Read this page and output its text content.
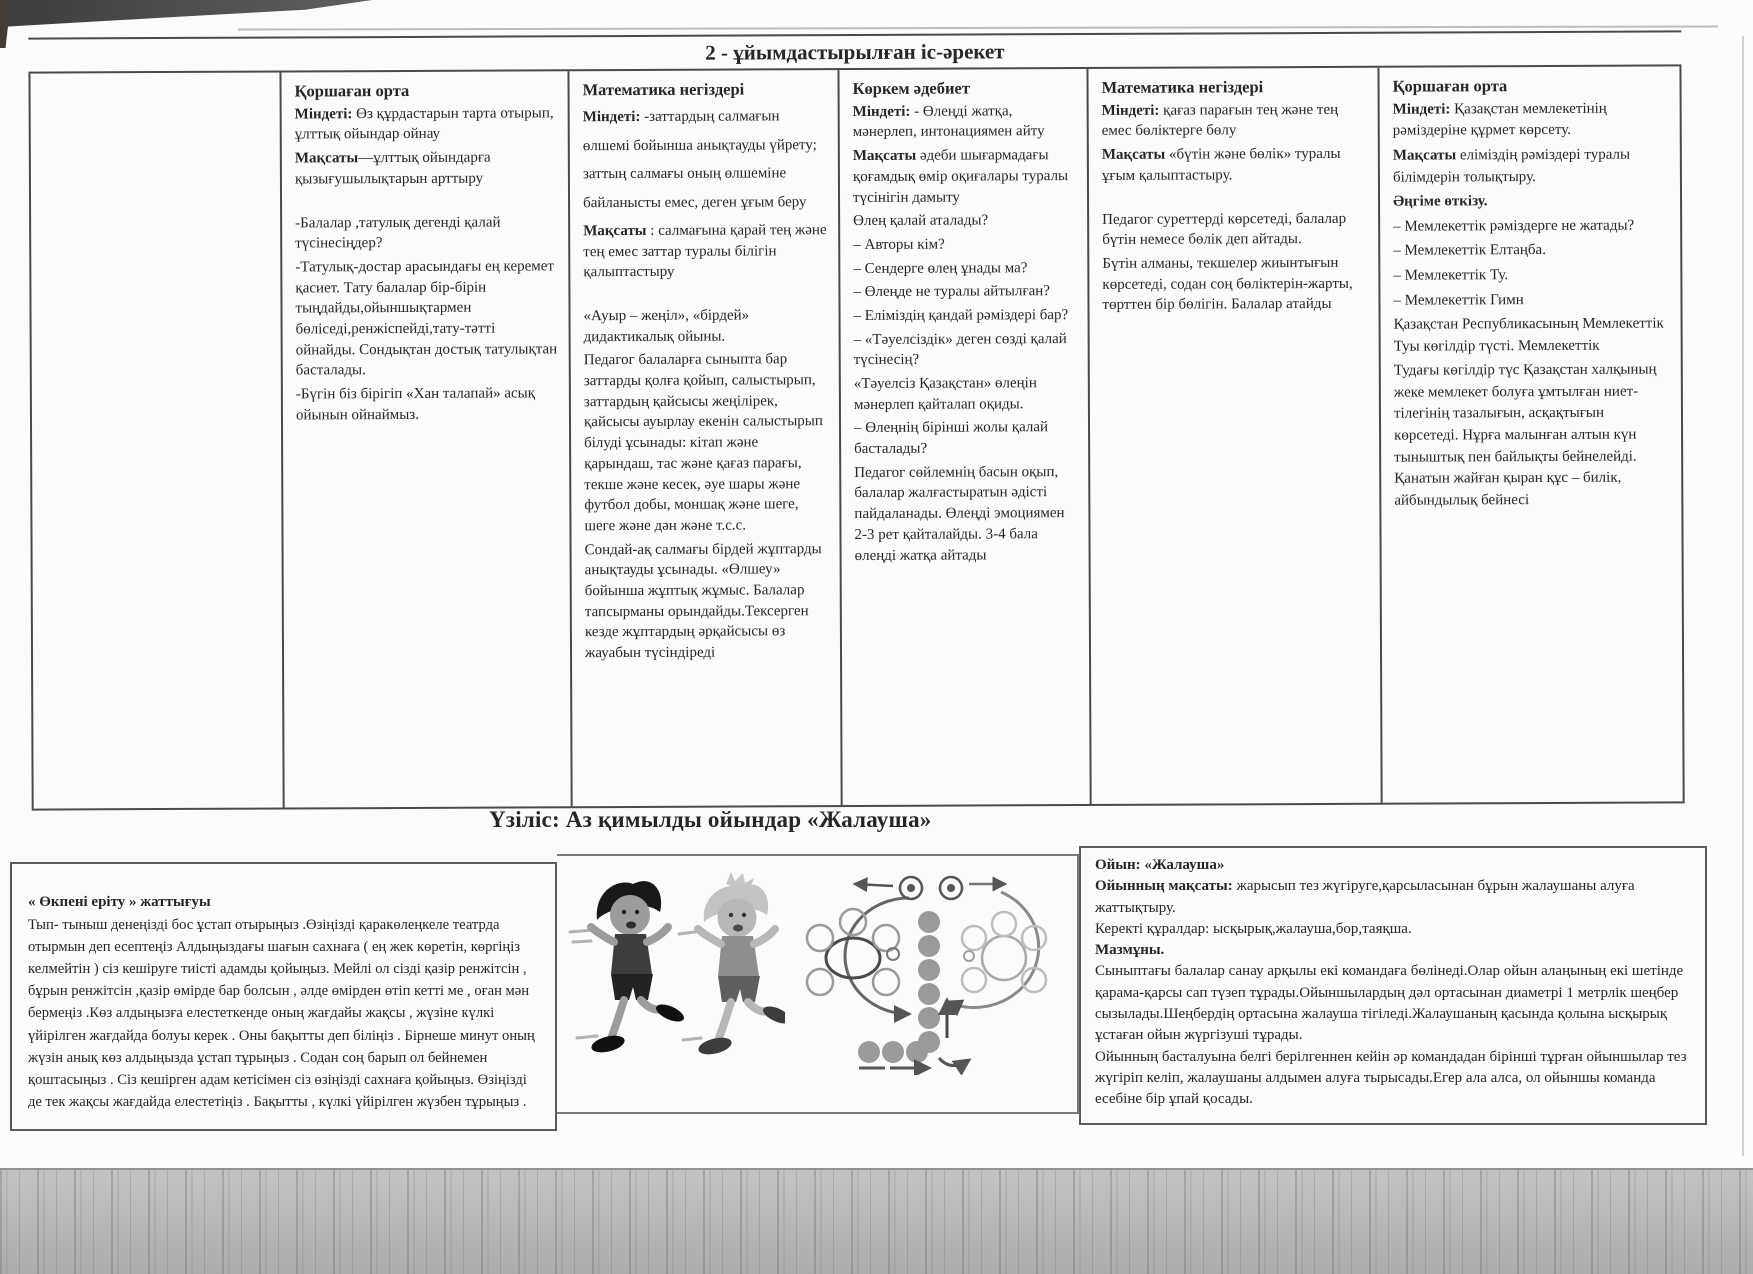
2 - ұйымдастырылған іс-әрекет
Қоршаған орта

Міндеті: Өз құрдастарын тарта отырып, ұлттық ойындар ойнау

Мақсаты—ұлттық ойындарға қызығушылықтарын арттыру

-Балалар ,татулық дегенді қалай түсінесіңдер?

-Татулық-достар арасындағы ең керемет қасиет. Тату балалар бір-бірін тыңдайды,ойыншықтармен бөліседі,ренжіспейді,тату-тәтті ойнайды. Сондықтан достық татулықтан басталады.

-Бүгін біз бірігіп «Хан талапай» асық ойынын ойнаймыз.

Математика негіздері

Міндеті: -заттардың салмағын өлшемі бойынша анықтауды үйрету; заттың салмағы оның өлшеміне байланысты емес, деген ұғым беру

Мақсаты : салмағына қарай тең және тең емес заттар туралы білігін қалыптастыру

«Ауыр – жеңіл», «бірдей» дидактикалық ойыны.

Педагог балаларға сыныпта бар заттарды қолға қойып, салыстырып, заттардың қайсысы жеңілірек, қайсысы ауырлау екенін салыстырып білуді ұсынады: кітап және қарындаш, тас және қағаз парағы, текше және кесек, әуе шары және футбол добы, моншақ және шеге, шеге және дән және т.с.с.

Сондай-ақ салмағы бірдей жұптарды анықтауды ұсынады. «Өлшеу» бойынша жұптық жұмыс. Балалар тапсырманы орындайды.Тексерген кезде жұптардың әрқайсысы өз жауабын түсіндіреді

Көркем әдебиет

Міндеті: - Өлеңді жатқа, мәнерлеп, интонациямен айту

Мақсаты әдеби шығармадағы қоғамдық өмір оқиғалары туралы түсінігін дамыту

Өлең қалай аталады?

– Авторы кім?

– Сендерге өлең ұнады ма?

– Өлеңде не туралы айтылған?

– Еліміздің қандай рәміздері бар?

– «Тәуелсіздік» деген сөзді қалай түсінесің?

«Тәуелсіз Қазақстан» өлеңін мәнерлеп қайталап оқиды.

– Өлеңнің бірінші жолы қалай басталады?

Педагог сөйлемнің басын оқып, балалар жалғастыратын әдісті пайдаланады. Өлеңді эмоциямен 2-3 рет қайталайды. 3-4 бала өлеңді жатқа айтады

Математика негіздері

Міндеті: қағаз парағын тең және тең емес бөліктерге бөлу

Мақсаты «бүтін және бөлік» туралы ұғым қалыптастыру.

Педагог суреттерді көрсетеді, балалар бүтін немесе бөлік деп айтады.

Бүтін алманы, текшелер жиынтығын көрсетеді, содан соң бөліктерін-жарты, төрттен бір бөлігін. Балалар атайды

Қоршаған орта

Міндеті: Қазақстан мемлекетінің рәміздеріне құрмет көрсету.

Мақсаты еліміздің рәміздері туралы білімдерін толықтыру.

Әңгіме өткізу.

– Мемлекеттік рәміздерге не жатады?

– Мемлекеттік Елтаңба.

– Мемлекеттік Ту.

– Мемлекеттік Гимн

Қазақстан Республикасының Мемлекеттік Туы көгілдір түсті. Мемлекеттік

Тудағы көгілдір түс Қазақстан халқының жеке мемлекет болуға ұмтылған ниет-тілегінің тазалығын, асқақтығын көрсетеді. Нұрға малынған алтын күн тыныштық пен байлықты бейнелейді. Қанатын жайған қыран құс – билік, айбындылық бейнесі

Үзіліс: Аз қимылды ойындар «Жалауша»

« Өкпені еріту » жаттығуы

Тып- тыныш денеңізді бос ұстап отырыңыз .Өзіңізді қаракөлеңкеле театрда отырмын деп есептеңіз Алдыңыздағы шағын сахнаға ( ең жек көретін, көргіңіз келмейтін ) сіз кешіруге тиісті адамды қойыңыз. Мейлі ол сізді қазір ренжітсін , бұрын ренжітсін ,қазір өмірде бар болсын , әлде өмірден өтіп кетті ме , оған мән бермеңіз .Көз алдыңызға елестеткенде оның жағдайы жақсы , жүзіне күлкі үйірілген жағдайда болуы керек . Оны бақытты деп біліңіз . Бірнеше минут оның жүзін анық көз алдыңызда ұстап тұрыңыз . Содан соң барып ол бейнемен қоштасыңыз . Сіз кешірген адам кетісімен сіз өзіңізді сахнаға қойыңыз. Өзіңізді де тек жақсы жағдайда елестетіңіз . Бақытты , күлкі үйірілген жүзбен тұрыңыз .

Ойын: «Жалауша»

Ойынның мақсаты: жарысып тез жүгіруге,қарсыласынан бұрын жалаушаны алуға жаттықтыру.

Керекті құралдар: ысқырық,жалауша,бор,таяқша.

Мазмұны.

Сыныптағы балалар санау арқылы екі командаға бөлінеді.Олар ойын алаңының екі шетінде қарама-қарсы сап түзеп тұрады.Ойыншылардың дәл ортасынан диаметрі 1 метрлік шеңбер сызылады.Шеңбердің ортасына жалауша тігіледі.Жалаушаның қасында қолына ысқырық ұстаған ойын жүргізуші тұрады.

Ойынның басталуына белгі берілгеннен кейін әр командадан бірінші тұрған ойыншылар тез жүгіріп келіп, жалаушаны алдымен алуға тырысады.Егер ала алса, ол ойыншы команда есебіне бір ұпай қосады.
